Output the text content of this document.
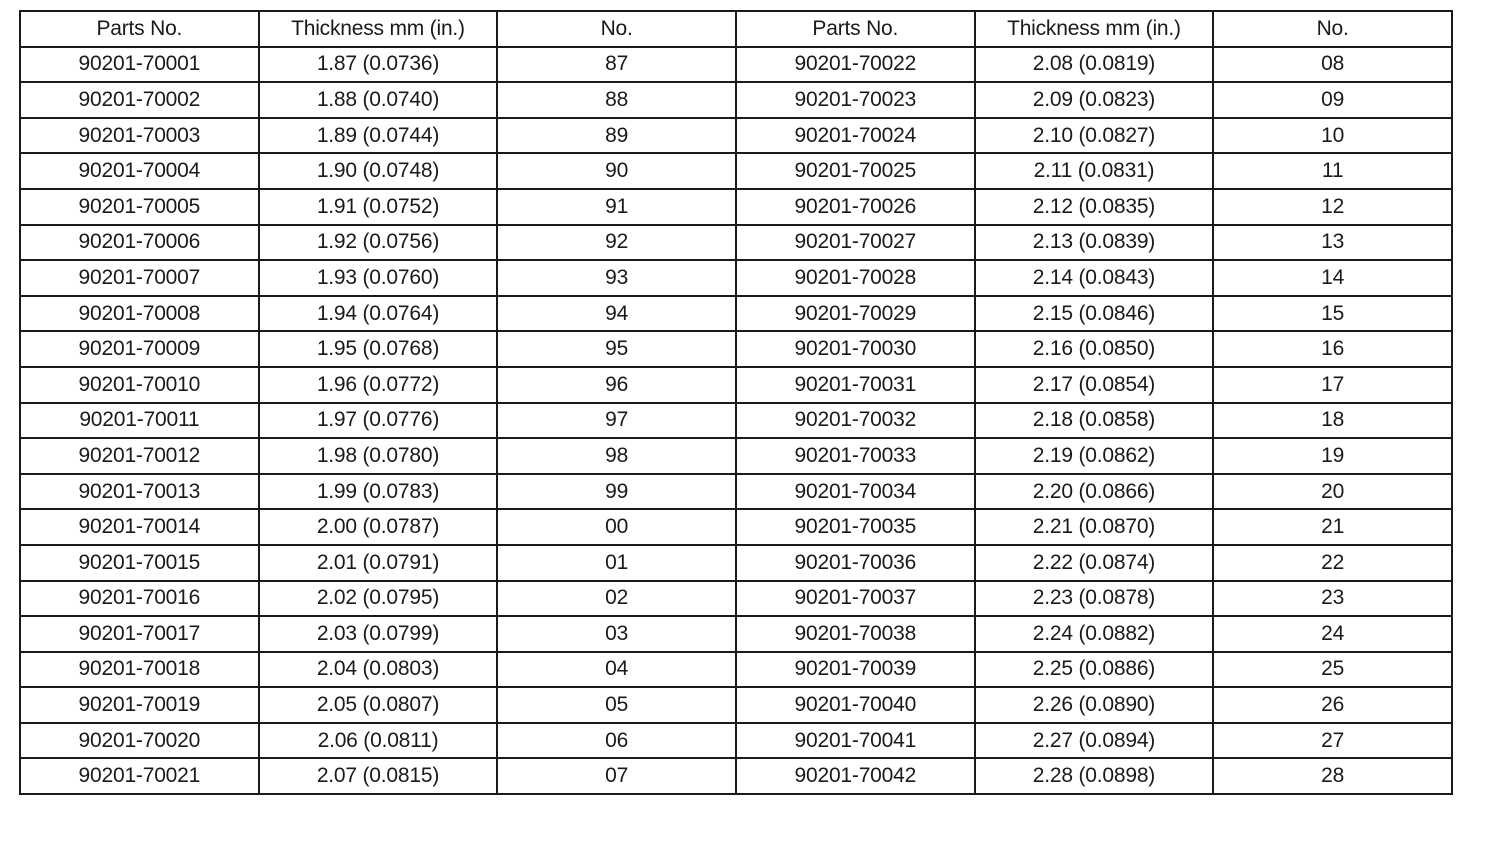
Parts No.	Thickness mm (in.)	No.	Parts No.	Thickness mm (in.)	No.
90201-70001	1.87 (0.0736)	87	90201-70022	2.08 (0.0819)	08
90201-70002	1.88 (0.0740)	88	90201-70023	2.09 (0.0823)	09
90201-70003	1.89 (0.0744)	89	90201-70024	2.10 (0.0827)	10
90201-70004	1.90 (0.0748)	90	90201-70025	2.11 (0.0831)	11
90201-70005	1.91 (0.0752)	91	90201-70026	2.12 (0.0835)	12
90201-70006	1.92 (0.0756)	92	90201-70027	2.13 (0.0839)	13
90201-70007	1.93 (0.0760)	93	90201-70028	2.14 (0.0843)	14
90201-70008	1.94 (0.0764)	94	90201-70029	2.15 (0.0846)	15
90201-70009	1.95 (0.0768)	95	90201-70030	2.16 (0.0850)	16
90201-70010	1.96 (0.0772)	96	90201-70031	2.17 (0.0854)	17
90201-70011	1.97 (0.0776)	97	90201-70032	2.18 (0.0858)	18
90201-70012	1.98 (0.0780)	98	90201-70033	2.19 (0.0862)	19
90201-70013	1.99 (0.0783)	99	90201-70034	2.20 (0.0866)	20
90201-70014	2.00 (0.0787)	00	90201-70035	2.21 (0.0870)	21
90201-70015	2.01 (0.0791)	01	90201-70036	2.22 (0.0874)	22
90201-70016	2.02 (0.0795)	02	90201-70037	2.23 (0.0878)	23
90201-70017	2.03 (0.0799)	03	90201-70038	2.24 (0.0882)	24
90201-70018	2.04 (0.0803)	04	90201-70039	2.25 (0.0886)	25
90201-70019	2.05 (0.0807)	05	90201-70040	2.26 (0.0890)	26
90201-70020	2.06 (0.0811)	06	90201-70041	2.27 (0.0894)	27
90201-70021	2.07 (0.0815)	07	90201-70042	2.28 (0.0898)	28
